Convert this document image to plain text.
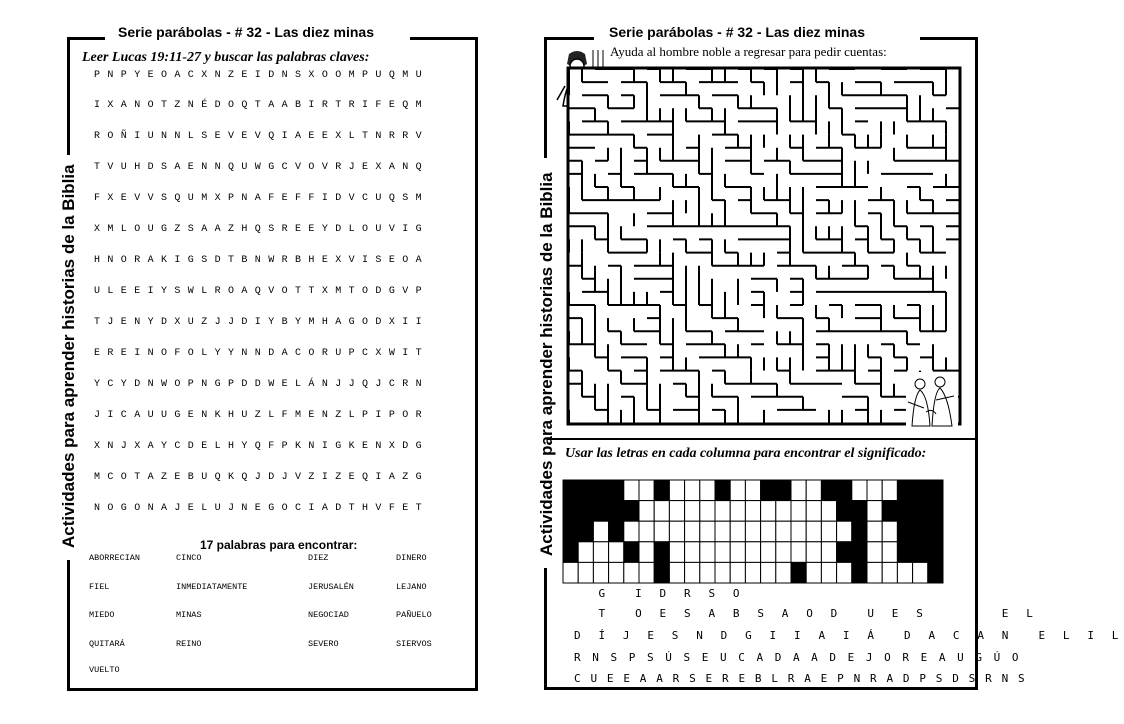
Serie parábolas - # 32 - Las diez minas
Actividades para aprender historias de la Biblia
Leer Lucas 19:11-27 y buscar las palabras claves:
PNPYEOACXNZEIDNSXOOMPUQMU
IXANOTZNÉDOQTAABIRTRIFEQM
ROÑIUNNLSEVEVQIAEEXLTNRRV
TVUHDSAENNQUWGCVOVRJEXANQ
FXEVVSQUMXPNAFEFFIDVCUQSM
XMLOUGZSAAZHQSREEYDLOUVIG
HNORAKIGSDTBNWRBHEXVISEOA
ULEEIYSWLROAQVOTTXMTODGVP
TJENYDXUZJJDIYBYMHAGODXII
EREINOFOLYYNNDACORUPCXWIT
YCYDNWOPNGPDDWELÁNJJQJCRN
JICAUUGENKHUZLFMENZLPIPOR
XNJXAYCDELHYQFPKNIGKENXDG
MCOTAZEBUQKQJDJVZIZEQIAZG
NOGONAJELUJNEGOCIADTHVFET
17 palabras para encontrar:
ABORRECIAN	CINCO	DIEZ	DINERO
FIEL	INMEDIATAMENTE	JERUSALÉN	LEJANO
MIEDO	MINAS	NEGOCIAD	PAÑUELO
QUITARÁ	REINO	SEVERO	SIERVOS
VUELTO
Serie parábolas - # 32 - Las diez minas
Actividades para aprender historias de la Biblia
Ayuda al hombre noble a regresar para pedir cuentas:
Usar las letras en cada columna para encontrar el significado:
G  I D R S O
T  O E S A B S A O D  U E S      E L
D Í J E S N D G I I A I Á  D A C A N  E L I L
R N S P S Ú S E U C A D A A D E J O R E A U G Ú O
C U E E A A R S E R E B L R A E P N R A D P S D S R N S
